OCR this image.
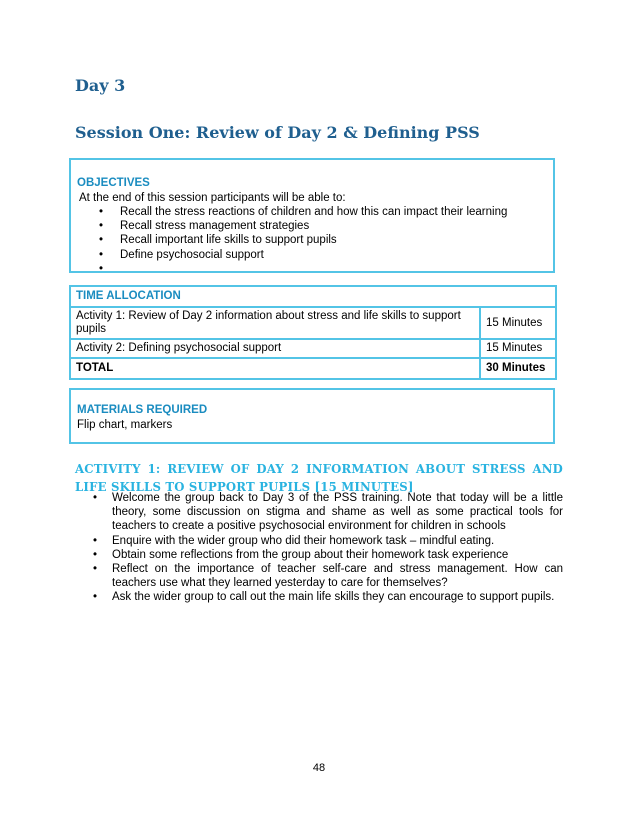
Day 3
Session One: Review of Day 2 & Defining PSS

OBJECTIVES

At the end of this session participants will be able to:

• Recall the stress reactions of children and how this can impact their learning
• Recall stress management strategies
• Recall important life skills to support pupils
• Define psychosocial support
•
TIME ALLOCATION	
Activity 1: Review of Day 2 information about stress and life skills to support pupils	15 Minutes
Activity 2: Defining psychosocial support	15 Minutes
TOTAL	30 Minutes

MATERIALS REQUIRED

Flip chart, markers

ACTIVITY 1: REVIEW OF DAY 2 INFORMATION ABOUT STRESS AND LIFE SKILLS TO SUPPORT PUPILS [15 MINUTES]
• Welcome the group back to Day 3 of the PSS training. Note that today will be a little theory, some discussion on stigma and shame as well as some practical tools for teachers to create a positive psychosocial environment for children in schools
• Enquire with the wider group who did their homework task – mindful eating.
• Obtain some reflections from the group about their homework task experience
• Reflect on the importance of teacher self-care and stress management. How can teachers use what they learned yesterday to care for themselves?
• Ask the wider group to call out the main life skills they can encourage to support pupils.
48
